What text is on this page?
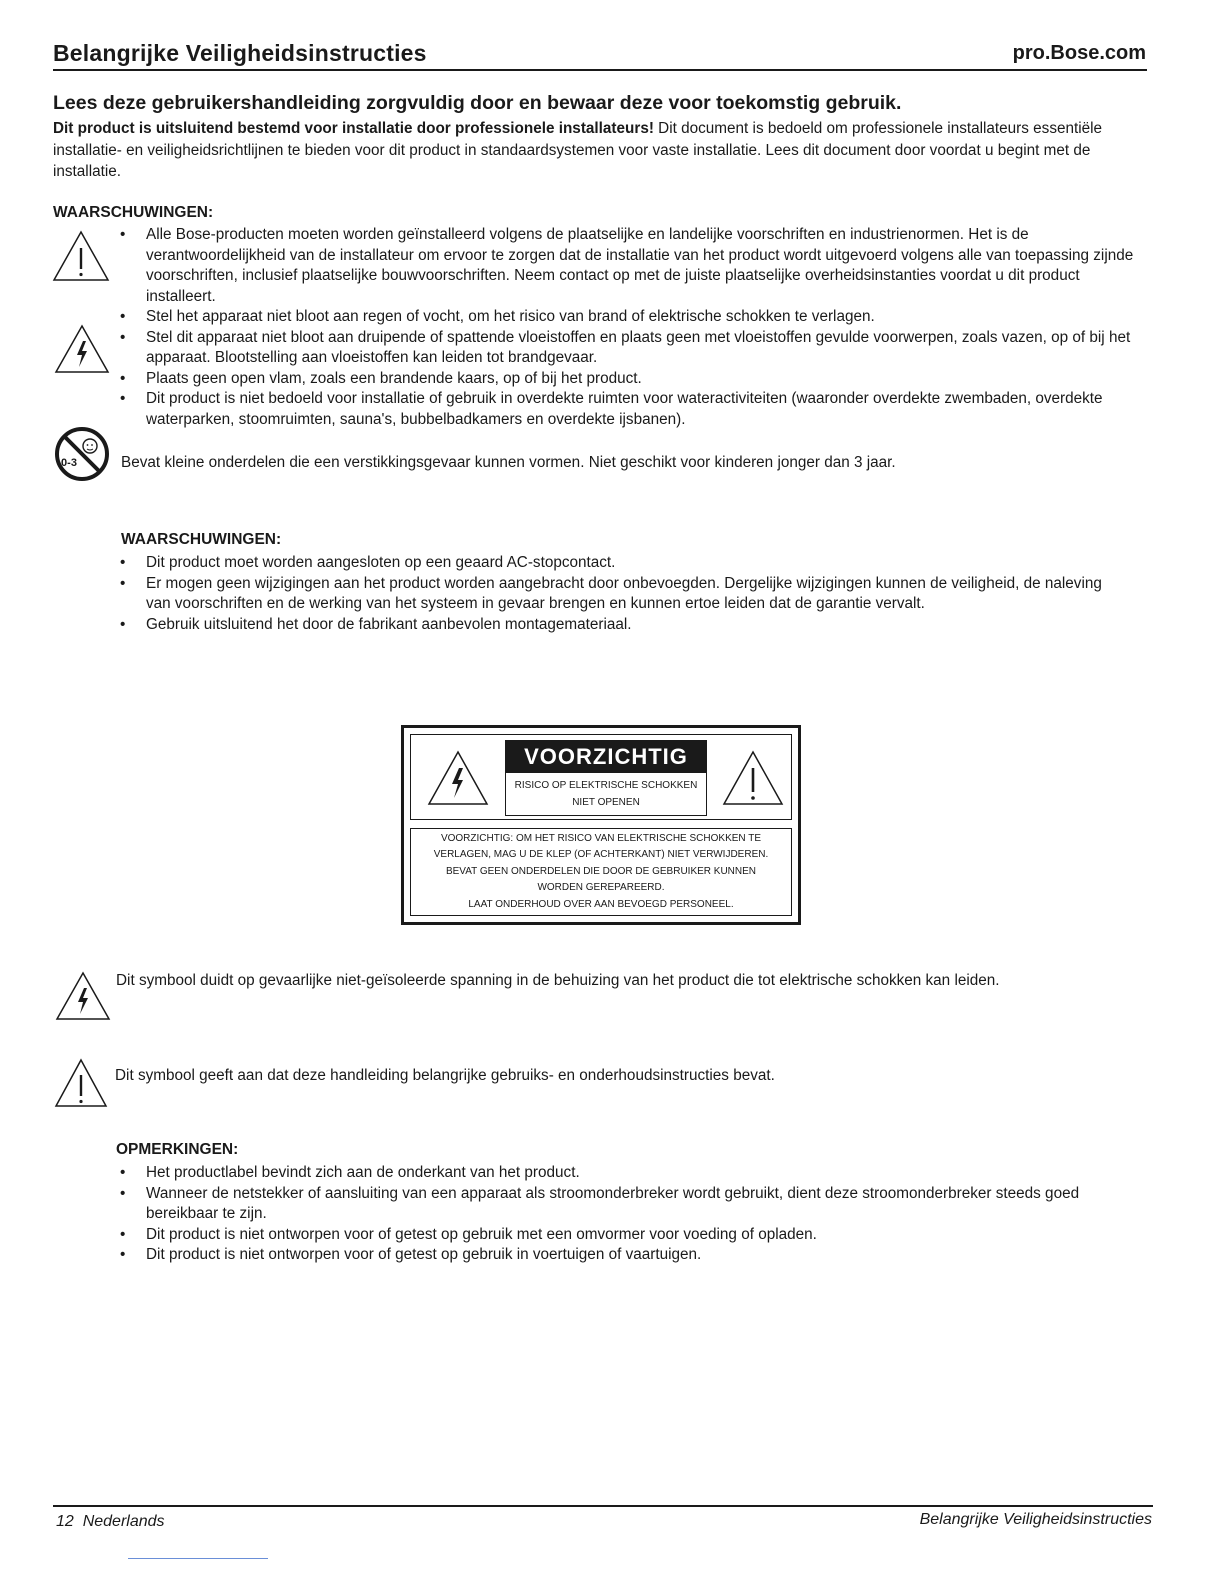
Belangrijke Veiligheidsinstructies	pro.Bose.com
Lees deze gebruikershandleiding zorgvuldig door en bewaar deze voor toekomstig gebruik.
Dit product is uitsluitend bestemd voor installatie door professionele installateurs! Dit document is bedoeld om professionele installateurs essentiële installatie- en veiligheidsrichtlijnen te bieden voor dit product in standaardsystemen voor vaste installatie. Lees dit document door voordat u begint met de installatie.
WAARSCHUWINGEN:
0-3
• Alle Bose-producten moeten worden geïnstalleerd volgens de plaatselijke en landelijke voorschriften en industrienormen. Het is de verantwoordelijkheid van de installateur om ervoor te zorgen dat de installatie van het product wordt uitgevoerd volgens alle van toepassing zijnde voorschriften, inclusief plaatselijke bouwvoorschriften. Neem contact op met de juiste plaatselijke overheidsinstanties voordat u dit product installeert.
• Stel het apparaat niet bloot aan regen of vocht, om het risico van brand of elektrische schokken te verlagen.
• Stel dit apparaat niet bloot aan druipende of spattende vloeistoffen en plaats geen met vloeistoffen gevulde voorwerpen, zoals vazen, op of bij het apparaat. Blootstelling aan vloeistoffen kan leiden tot brandgevaar.
• Plaats geen open vlam, zoals een brandende kaars, op of bij het product.
• Dit product is niet bedoeld voor installatie of gebruik in overdekte ruimten voor wateractiviteiten (waaronder overdekte zwembaden, overdekte waterparken, stoomruimten, sauna's, bubbelbadkamers en overdekte ijsbanen).
Bevat kleine onderdelen die een verstikkingsgevaar kunnen vormen. Niet geschikt voor kinderen jonger dan 3 jaar.
WAARSCHUWINGEN:
• Dit product moet worden aangesloten op een geaard AC-stopcontact.
• Er mogen geen wijzigingen aan het product worden aangebracht door onbevoegden. Dergelijke wijzigingen kunnen de veiligheid, de naleving van voorschriften en de werking van het systeem in gevaar brengen en kunnen ertoe leiden dat de garantie vervalt.
• Gebruik uitsluitend het door de fabrikant aanbevolen montagemateriaal.
VOORZICHTIG
RISICO OP ELEKTRISCHE SCHOKKEN
NIET OPENEN
VOORZICHTIG: OM HET RISICO VAN ELEKTRISCHE SCHOKKEN TE
VERLAGEN, MAG U DE KLEP (OF ACHTERKANT) NIET VERWIJDEREN.
BEVAT GEEN ONDERDELEN DIE DOOR DE GEBRUIKER KUNNEN
WORDEN GEREPAREERD.
LAAT ONDERHOUD OVER AAN BEVOEGD PERSONEEL.
Dit symbool duidt op gevaarlijke niet-geïsoleerde spanning in de behuizing van het product die tot elektrische schokken kan leiden.
Dit symbool geeft aan dat deze handleiding belangrijke gebruiks- en onderhoudsinstructies bevat.
OPMERKINGEN:
• Het productlabel bevindt zich aan de onderkant van het product.
• Wanneer de netstekker of aansluiting van een apparaat als stroomonderbreker wordt gebruikt, dient deze stroomonderbreker steeds goed bereikbaar te zijn.
• Dit product is niet ontworpen voor of getest op gebruik met een omvormer voor voeding of opladen.
• Dit product is niet ontworpen voor of getest op gebruik in voertuigen of vaartuigen.
12 Nederlands	Belangrijke Veiligheidsinstructies
